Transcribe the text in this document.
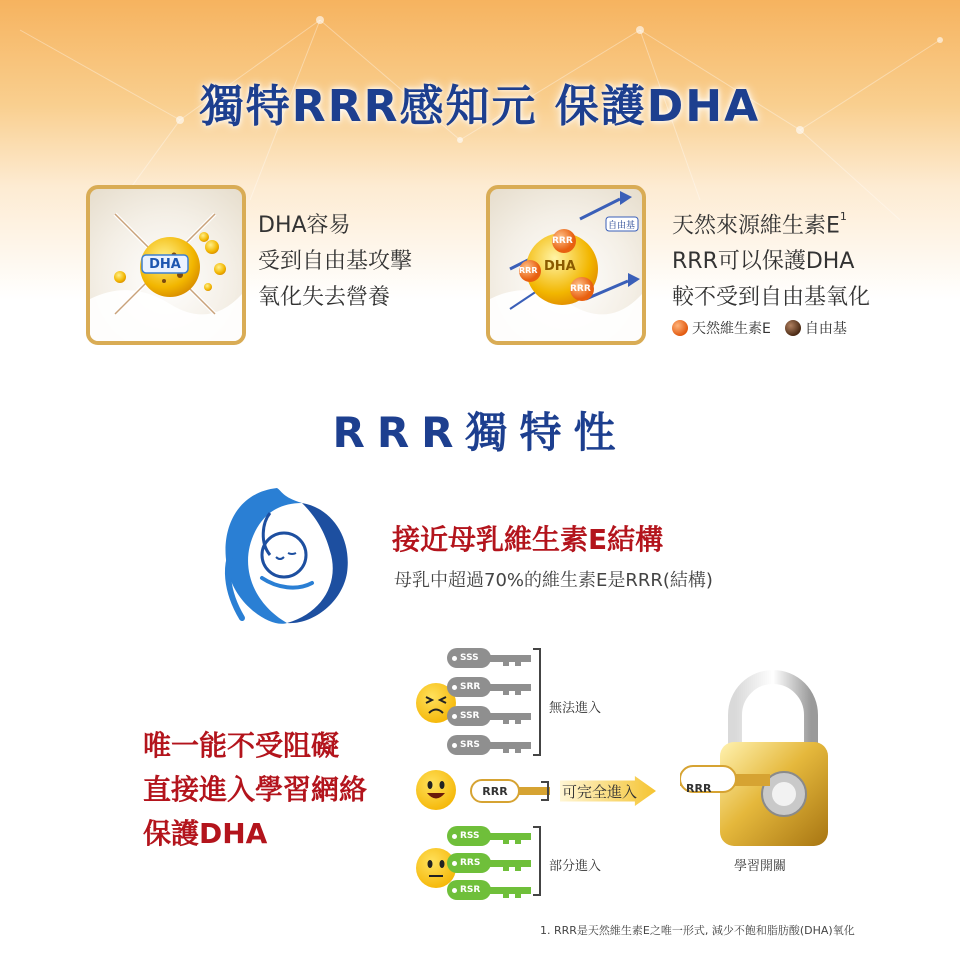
獨特RRR感知元 保護DHA
DHA
DHA容易
受到自由基攻擊
氧化失去營養
RRR
RRR
RRR
DHA
自由基 天然來源維生素$E^1$
RRR可以保護DHA
較不受到自由基氧化
天然維生素E 自由基
RRR獨特性
接近母乳維生素E結構
母乳中超過70%的維生素E是RRR(結構)
唯一能不受阻礙
直接進入學習網絡
保護DHA
SSS
SRR
SSR
SRS
RRR
RSS
RRS
RSR
無法進入
可完全進入
部分進入
RRR
學習開關
1. RRR是天然維生素E之唯一形式, 減少不飽和脂肪酸(DHA)氧化
